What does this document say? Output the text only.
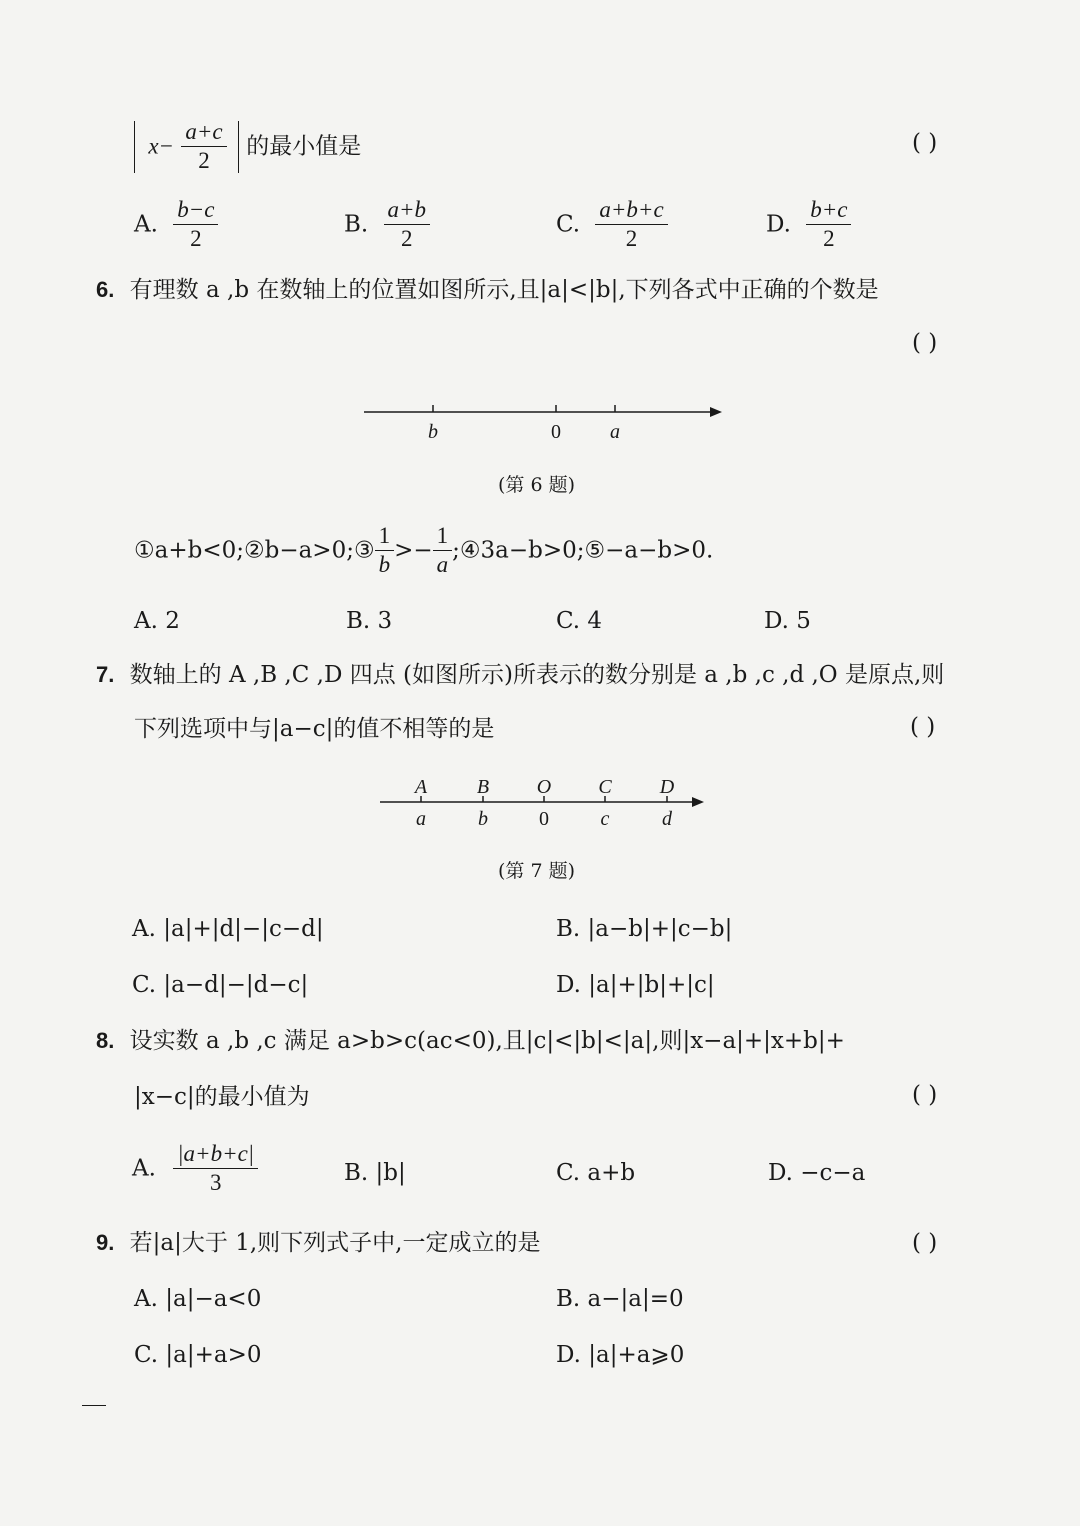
$x- \frac{a+c}{2}$ 的最小值是	( )
A. $\frac{b-c}{2}$	B. $\frac{a+b}{2}$	C. $\frac{a+b+c}{2}$	D. $\frac{b+c}{2}$
6. 有理数 a ,b 在数轴上的位置如图所示,且|a|<|b|,下列各式中正确的个数是
( )
b	0 a
(第 6 题)
①a+b<0;②b−a>0;③ $\frac{1}{b} >- \frac{1}{a}$ ;④3a−b>0;⑤−a−b>0.
A. 2	B. 3	C. 4	D. 5
7. 数轴上的 A ,B ,C ,D 四点 (如图所示)所表示的数分别是 a ,b ,c ,d ,O 是原点,则
下列选项中与|a−c|的值不相等的是	( )
A B O C D
a	b	0	c	d
(第 7 题)
A. |a|+|d|−|c−d|	B. |a−b|+|c−b|
C. |a−d|−|d−c|	D. |a|+|b|+|c|
8. 设实数 a ,b ,c 满足 a>b>c(ac<0),且|c|<|b|<|a|,则|x−a|+|x+b|+
|x−c|的最小值为	( )
A. $\frac{|a+b+c|}{3}$	B. |b|	C. a+b	D. −c−a
9. 若|a|大于 1,则下列式子中,一定成立的是	( )
A. |a|−a<0	B. a−|a|=0
C. |a|+a>0	D. |a|+a⩾0
